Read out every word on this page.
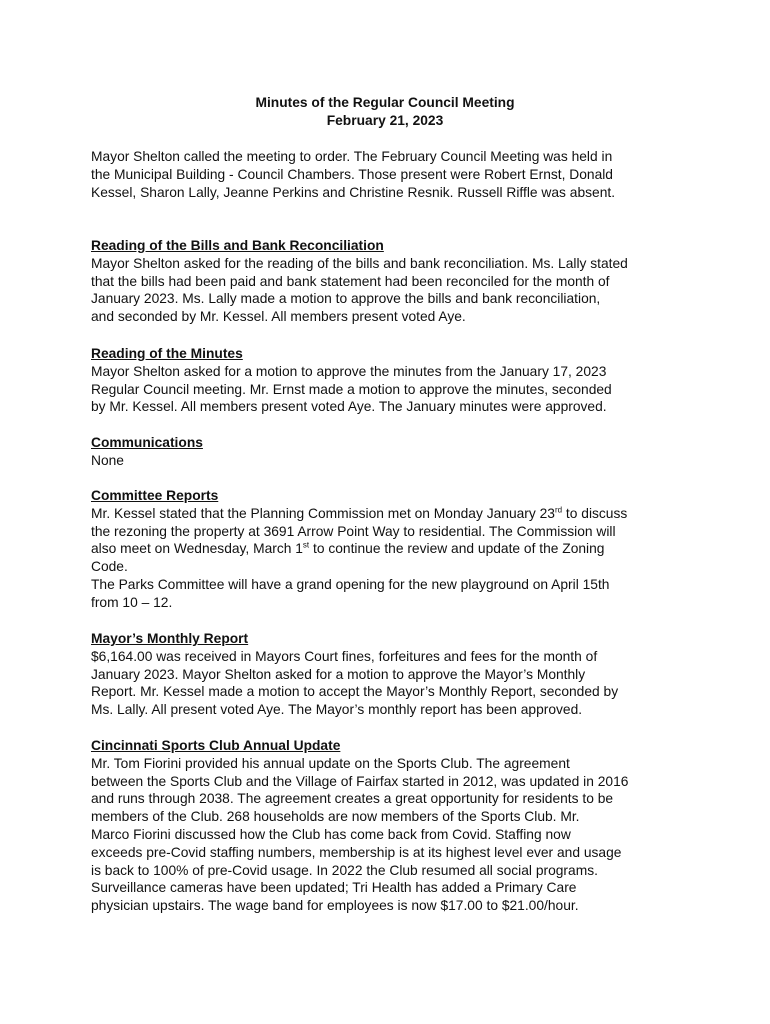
Minutes of the Regular Council Meeting
February 21, 2023
Mayor Shelton called the meeting to order. The February Council Meeting was held in
the Municipal Building - Council Chambers. Those present were Robert Ernst, Donald
Kessel, Sharon Lally, Jeanne Perkins and Christine Resnik. Russell Riffle was absent.
Reading of the Bills and Bank Reconciliation
Mayor Shelton asked for the reading of the bills and bank reconciliation. Ms. Lally stated
that the bills had been paid and bank statement had been reconciled for the month of
January 2023. Ms. Lally made a motion to approve the bills and bank reconciliation,
and seconded by Mr. Kessel. All members present voted Aye.
Reading of the Minutes
Mayor Shelton asked for a motion to approve the minutes from the January 17, 2023
Regular Council meeting. Mr. Ernst made a motion to approve the minutes, seconded
by Mr. Kessel. All members present voted Aye. The January minutes were approved.
Communications
None
Committee Reports
Mr. Kessel stated that the Planning Commission met on Monday January 23rd to discuss
the rezoning the property at 3691 Arrow Point Way to residential. The Commission will
also meet on Wednesday, March 1st to continue the review and update of the Zoning
Code.
The Parks Committee will have a grand opening for the new playground on April 15th
from 10 – 12.
Mayor’s Monthly Report
$6,164.00 was received in Mayors Court fines, forfeitures and fees for the month of
January 2023. Mayor Shelton asked for a motion to approve the Mayor’s Monthly
Report. Mr. Kessel made a motion to accept the Mayor’s Monthly Report, seconded by
Ms. Lally. All present voted Aye. The Mayor’s monthly report has been approved.
Cincinnati Sports Club Annual Update
Mr. Tom Fiorini provided his annual update on the Sports Club. The agreement
between the Sports Club and the Village of Fairfax started in 2012, was updated in 2016
and runs through 2038. The agreement creates a great opportunity for residents to be
members of the Club. 268 households are now members of the Sports Club. Mr.
Marco Fiorini discussed how the Club has come back from Covid. Staffing now
exceeds pre-Covid staffing numbers, membership is at its highest level ever and usage
is back to 100% of pre-Covid usage. In 2022 the Club resumed all social programs.
Surveillance cameras have been updated; Tri Health has added a Primary Care
physician upstairs. The wage band for employees is now $17.00 to $21.00/hour.
